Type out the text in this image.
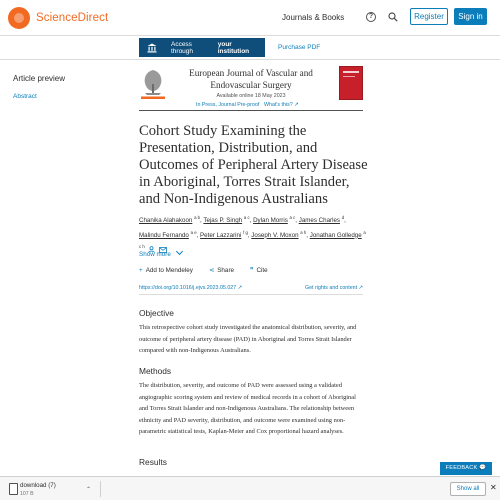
ScienceDirect	Journals & Books	?	Register	Sign in
Access through
your institution	Purchase PDF
Article preview
Abstract
European Journal of Vascular and Endovascular Surgery
Available online 18 May 2023
In Press, Journal Pre-proof What's this? ↗
Cohort Study Examining the Presentation, Distribution, and Outcomes of Peripheral Artery Disease in Aboriginal, Torres Strait Islander, and Non-Indigenous Australians
Chanika Alahakoon $^{a b}$, Tejas P. Singh $^{a c}$, Dylan Morris $^{a c}$, James Charles $^d$, Malindu Fernando $^{a e}$, Peter Lazzarini $^{f g}$, Joseph V. Moxon $^{a h}$, Jonathan Golledge $^{a c h}$
Show more
+ Add to Mendeley	⋖ Share	❞ Cite
https://doi.org/10.1016/j.ejvs.2023.05.027 ↗	Get rights and content ↗
Objective

This retrospective cohort study investigated the anatomical distribution, severity, and outcome of peripheral artery disease (PAD) in Aboriginal and Torres Strait Islander compared with non-Indigenous Australians.

Methods

The distribution, severity, and outcome of PAD were assessed using a validated angiographic scoring system and review of medical records in a cohort of Aboriginal and Torres Strait Islander and non-Indigenous Australians. The relationship between ethnicity and PAD severity, distribution, and outcome were examined using non-parametric statistical tests, Kaplan-Meier and Cox proportional hazard analyses.

Results
FEEDBACK 💬
download (7)
107 B
⌃	Show all	✕
